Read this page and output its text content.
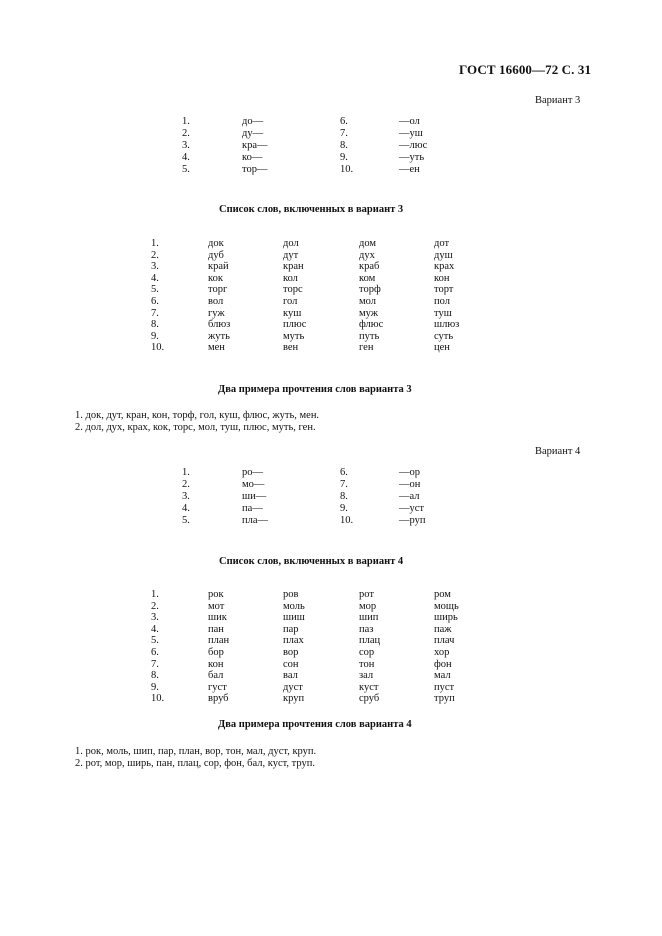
ГОСТ 16600—72 С. 31
Вариант 3
1.	до—	6.	—ол
2.	ду—	7.	—уш
3.	кра—	8.	—люс
4.	ко—	9.	—уть
5.	тор—	10.	—ен
Список слов, включенных в вариант 3
1.	док	дол	дом	дот
2.	дуб	дут	дух	душ
3.	край	кран	краб	крах
4.	кок	кол	ком	кон
5.	торг	торс	торф	торт
6.	вол	гол	мол	пол
7.	гуж	куш	муж	туш
8.	блюз	плюс	флюс	шлюз
9.	жуть	муть	путь	суть
10.	мен	вен	ген	цен
Два примера прочтения слов варианта 3
1. док, дут, кран, кон, торф, гол, куш, флюс, жуть, мен.
2. дол, дух, крах, кок, торс, мол, туш, плюс, муть, ген.
Вариант 4
1.	ро—	6.	—ор
2.	мо—	7.	—он
3.	ши—	8.	—ал
4.	па—	9.	—уст
5.	пла—	10.	—руп
Список слов, включенных в вариант 4
1.	рок	ров	рот	ром
2.	мот	моль	мор	мощь
3.	шик	шиш	шип	ширь
4.	пан	пар	паз	паж
5.	план	плах	плац	плач
6.	бор	вор	сор	хор
7.	кон	сон	тон	фон
8.	бал	вал	зал	мал
9.	густ	дуст	куст	пуст
10.	вруб	круп	сруб	труп
Два примера прочтения слов варианта 4
1. рок, моль, шип, пар, план, вор, тон, мал, дуст, круп.
2. рот, мор, ширь, пан, плац, сор, фон, бал, куст, труп.
